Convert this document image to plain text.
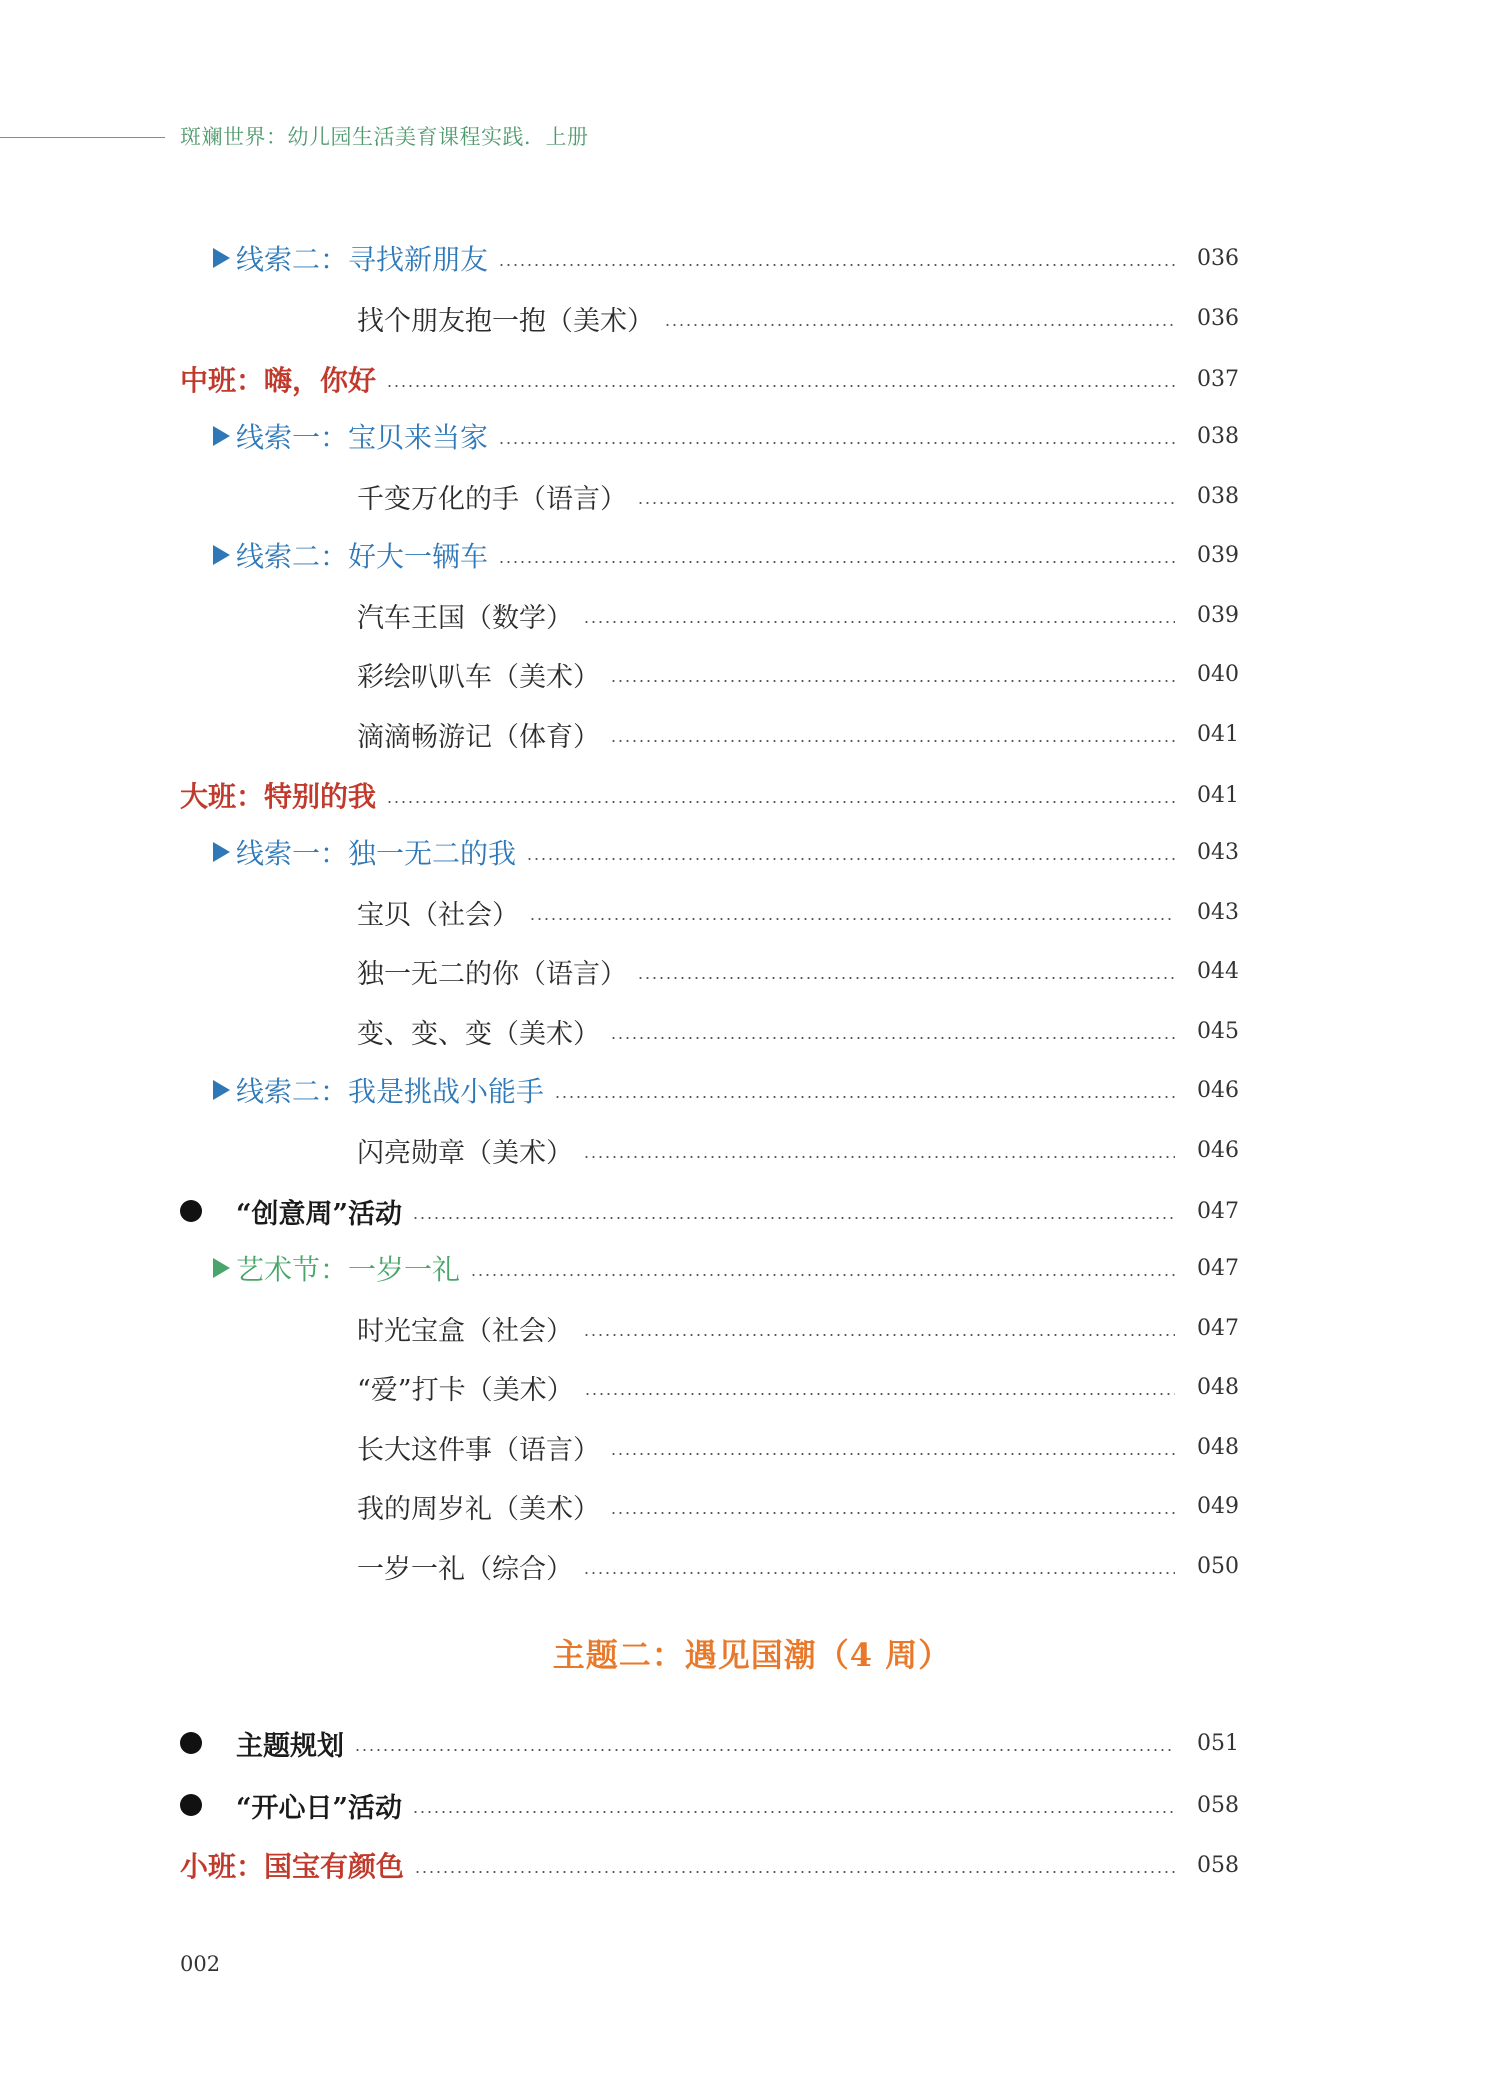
斑斓世界：幼儿园生活美育课程实践．上册
线索二：寻找新朋友	036
找个朋友抱一抱（美术）	036
中班：嗨，你好	037
线索一：宝贝来当家	038
千变万化的手（语言）	038
线索二：好大一辆车	039
汽车王国（数学）	039
彩绘叭叭车（美术）	040
滴滴畅游记（体育）	041
大班：特别的我	041
线索一：独一无二的我	043
宝贝（社会）	043
独一无二的你（语言）	044
变、变、变（美术）	045
线索二：我是挑战小能手	046
闪亮勋章（美术）	046
“创意周”活动	047
艺术节：一岁一礼	047
时光宝盒（社会）	047
“爱”打卡（美术）	048
长大这件事（语言）	048
我的周岁礼（美术）	049
一岁一礼（综合）	050
主题规划	051
“开心日”活动	058
小班：国宝有颜色	058
主题二：遇见国潮（4 周）
002
